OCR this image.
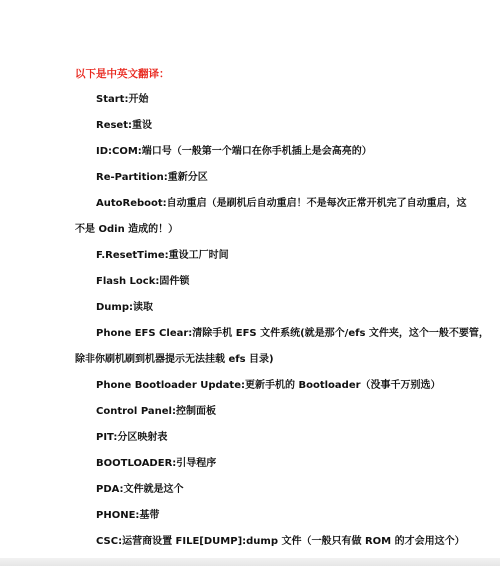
以下是中英文翻译：
Start:开始
Reset:重设
ID:COM:端口号（一般第一个端口在你手机插上是会高亮的）
Re-Partition:重新分区
AutoReboot:自动重启（是刷机后自动重启！不是每次正常开机完了自动重启，这
不是 Odin 造成的！）
F.ResetTime:重设工厂时间
Flash Lock:固件锁
Dump:读取
Phone EFS Clear:清除手机 EFS 文件系统(就是那个/efs 文件夹，这个一般不要管，
除非你刷机刷到机器提示无法挂载 efs 目录)
Phone Bootloader Update:更新手机的 Bootloader（没事千万别选）
Control Panel:控制面板
PIT:分区映射表
BOOTLOADER:引导程序
PDA:文件就是这个
PHONE:基带
CSC:运营商设置 FILE[DUMP]:dump 文件（一般只有做 ROM 的才会用这个）
